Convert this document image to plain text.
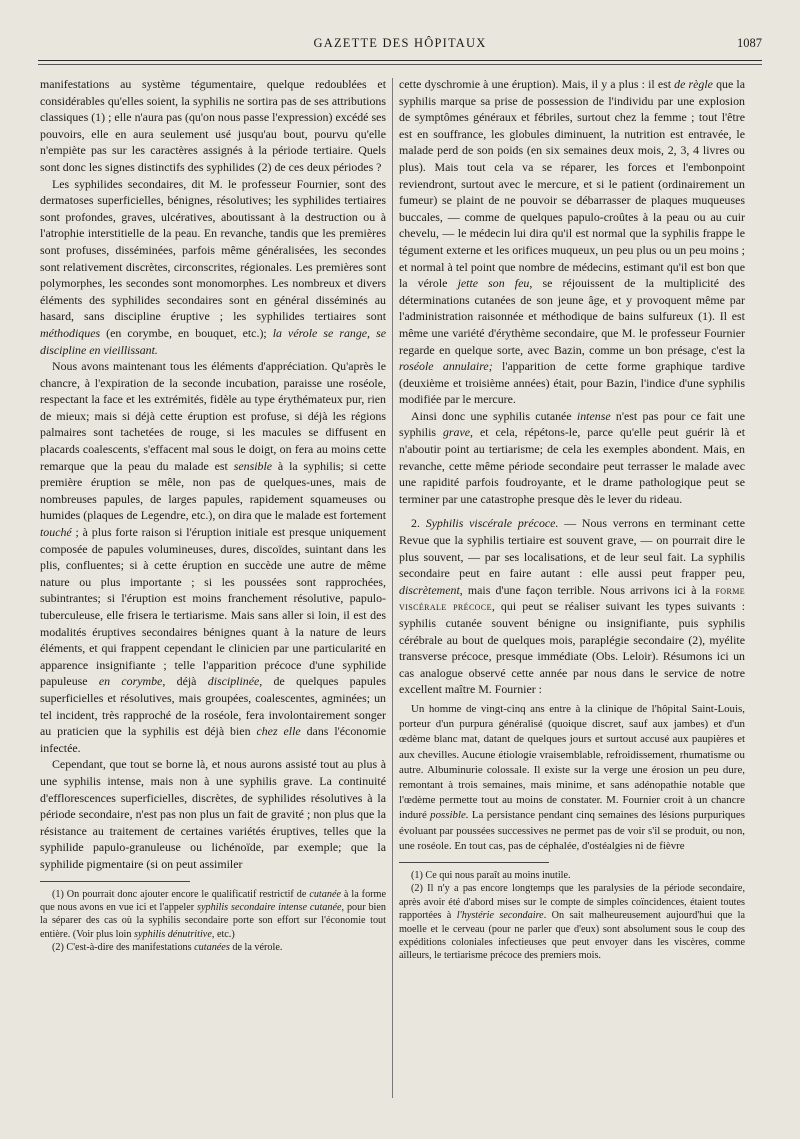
GAZETTE DES HÔPITAUX	1087

manifestations au système tégumentaire, quelque redoublées et considérables qu'elles soient, la syphilis ne sortira pas de ses attributions classiques (1) ; elle n'aura pas (qu'on nous passe l'expression) excédé ses pouvoirs, elle en aura seulement usé jusqu'au bout, pourvu qu'elle n'empiète pas sur les caractères assignés à la période tertiaire. Quels sont donc les signes distinctifs des syphilides (2) de ces deux périodes ?

Les syphilides secondaires, dit M. le professeur Fournier, sont des dermatoses superficielles, bénignes, résolutives; les syphilides tertiaires sont profondes, graves, ulcératives, aboutissant à la destruction ou à l'atrophie interstitielle de la peau. En revanche, tandis que les premières sont profuses, disséminées, parfois même généralisées, les secondes sont relativement discrètes, circonscrites, régionales. Les premières sont polymorphes, les secondes sont monomorphes. Les nombreux et divers éléments des syphilides secondaires sont en général disséminés au hasard, sans discipline éruptive ; les syphilides tertiaires sont méthodiques (en corymbe, en bouquet, etc.); la vérole se range, se discipline en vieillissant.

Nous avons maintenant tous les éléments d'appréciation. Qu'après le chancre, à l'expiration de la seconde incubation, paraisse une roséole, respectant la face et les extrémités, fidèle au type érythémateux pur, rien de mieux; mais si déjà cette éruption est profuse, si déjà les régions palmaires sont tachetées de rouge, si les macules se diffusent en placards coalescents, s'effacent mal sous le doigt, on fera au moins cette remarque que la peau du malade est sensible à la syphilis; si cette première éruption se mêle, non pas de quelques-unes, mais de nombreuses papules, de larges papules, rapidement squameuses ou humides (plaques de Legendre, etc.), on dira que le malade est fortement touché ; à plus forte raison si l'éruption initiale est presque uniquement composée de papules volumineuses, dures, discoïdes, suintant dans les plis, confluentes; si à cette éruption en succède une autre de même nature ou plus importante ; si les poussées sont rapprochées, subintrantes; si l'éruption est moins franchement résolutive, papulo-tuberculeuse, elle frisera le tertiarisme. Mais sans aller si loin, il est des modalités éruptives secondaires bénignes quant à la nature de leurs éléments, et qui frappent cependant le clinicien par une particularité en apparence insignifiante ; telle l'apparition précoce d'une syphilide papuleuse en corymbe, déjà disciplinée, de quelques papules superficielles et résolutives, mais groupées, coalescentes, agminées; un tel incident, très rapproché de la roséole, fera involontairement songer au praticien que la syphilis est déjà bien chez elle dans l'économie infectée.

Cependant, que tout se borne là, et nous aurons assisté tout au plus à une syphilis intense, mais non à une syphilis grave. La continuité d'efflorescences superficielles, discrètes, de syphilides résolutives à la période secondaire, n'est pas non plus un fait de gravité ; non plus que la résistance au traitement de certaines variétés éruptives, telles que la syphilide papulo-granuleuse ou lichénoïde, par exemple; que la syphilide pigmentaire (si on peut assimiler

(1) On pourrait donc ajouter encore le qualificatif restrictif de cutanée à la forme que nous avons en vue ici et l'appeler syphilis secondaire intense cutanée, pour bien la séparer des cas où la syphilis secondaire porte son effort sur l'économie tout entière. (Voir plus loin syphilis dénutritive, etc.)

(2) C'est-à-dire des manifestations cutanées de la vérole.

cette dyschromie à une éruption). Mais, il y a plus : il est de règle que la syphilis marque sa prise de possession de l'individu par une explosion de symptômes généraux et fébriles, surtout chez la femme ; tout l'être est en souffrance, les globules diminuent, la nutrition est entravée, le malade perd de son poids (en six semaines deux mois, 2, 3, 4 livres ou plus). Mais tout cela va se réparer, les forces et l'embonpoint reviendront, surtout avec le mercure, et si le patient (ordinairement un fumeur) se plaint de ne pouvoir se débarrasser de plaques muqueuses buccales, — comme de quelques papulo-croûtes à la peau ou au cuir chevelu, — le médecin lui dira qu'il est normal que la syphilis frappe le tégument externe et les orifices muqueux, un peu plus ou un peu moins ; et normal à tel point que nombre de médecins, estimant qu'il est bon que la vérole jette son feu, se réjouissent de la multiplicité des déterminations cutanées de son jeune âge, et y provoquent même par l'administration raisonnée et méthodique de bains sulfureux (1). Il est même une variété d'érythème secondaire, que M. le professeur Fournier regarde en quelque sorte, avec Bazin, comme un bon présage, c'est la roséole annulaire; l'apparition de cette forme graphique tardive (deuxième et troisième années) était, pour Bazin, l'indice d'une syphilis modifiée par le mercure.

Ainsi donc une syphilis cutanée intense n'est pas pour ce fait une syphilis grave, et cela, répétons-le, parce qu'elle peut guérir là et n'aboutir point au tertiarisme; de cela les exemples abondent. Mais, en revanche, cette même période secondaire peut terrasser le malade avec une rapidité parfois foudroyante, et le drame pathologique peut se terminer par une catastrophe presque dès le lever du rideau.

2. Syphilis viscérale précoce. — Nous verrons en terminant cette Revue que la syphilis tertiaire est souvent grave, — on pourrait dire le plus souvent, — par ses localisations, et de leur seul fait. La syphilis secondaire peut en faire autant : elle aussi peut frapper peu, discrètement, mais d'une façon terrible. Nous arrivons ici à la forme viscérale précoce, qui peut se réaliser suivant les types suivants : syphilis cutanée souvent bénigne ou insignifiante, puis syphilis cérébrale au bout de quelques mois, paraplégie secondaire (2), myélite transverse précoce, presque immédiate (Obs. Leloir). Résumons ici un cas analogue observé cette année par nous dans le service de notre excellent maître M. Fournier :

Un homme de vingt-cinq ans entre à la clinique de l'hôpital Saint-Louis, porteur d'un purpura généralisé (quoique discret, sauf aux jambes) et d'un œdème blanc mat, datant de quelques jours et surtout accusé aux paupières et aux chevilles. Aucune étiologie vraisemblable, refroidissement, rhumatisme ou autre. Albuminurie colossale. Il existe sur la verge une érosion un peu dure, remontant à trois semaines, mais minime, et sans adénopathie notable que l'œdème permette tout au moins de constater. M. Fournier croit à un chancre induré possible. La persistance pendant cinq semaines des lésions purpuriques évoluant par poussées successives ne permet pas de voir s'il se produit, ou non, une roséole. En tout cas, pas de céphalée, d'ostéalgies ni de fièvre

(1) Ce qui nous paraît au moins inutile.

(2) Il n'y a pas encore longtemps que les paralysies de la période secondaire, après avoir été d'abord mises sur le compte de simples coïncidences, étaient toutes rapportées à l'hystérie secondaire. On sait malheureusement aujourd'hui que la moelle et le cerveau (pour ne parler que d'eux) sont absolument sous le coup des expéditions coloniales infectieuses que peut envoyer dans les viscères, comme ailleurs, le tertiarisme précoce des premiers mois.
